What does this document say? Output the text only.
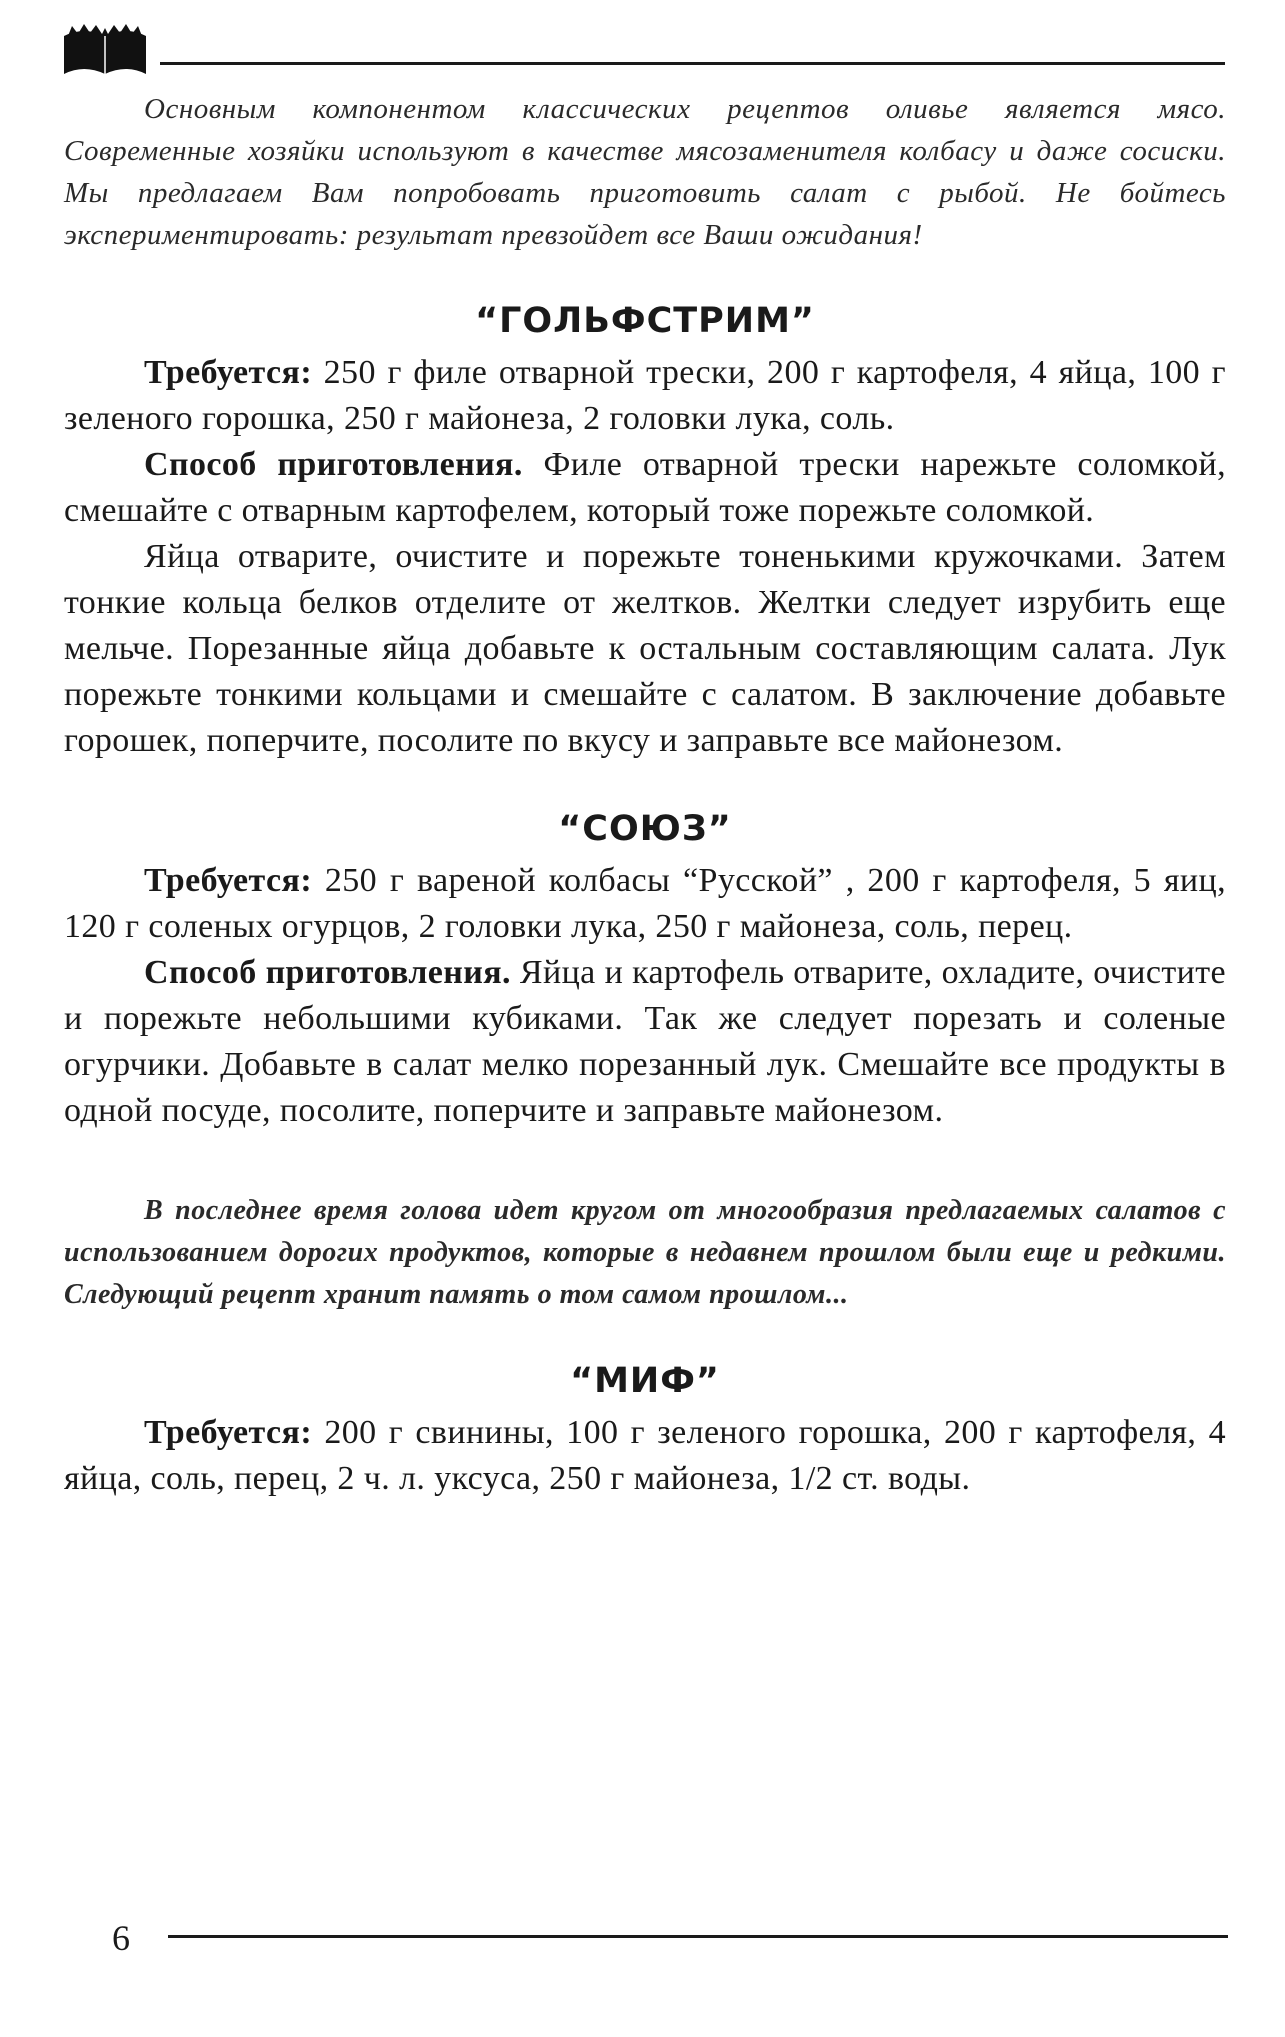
Основным компонентом классических рецептов оливье является мясо. Современные хозяйки используют в качестве мясозаменителя колбасу и даже сосиски. Мы предлагаем Вам попробовать приготовить салат с рыбой. Не бойтесь экспериментировать: результат превзойдет все Ваши ожидания!

“ГОЛЬФСТРИМ”

Требуется: 250 г филе отварной трески, 200 г картофеля, 4 яйца, 100 г зеленого горошка, 250 г майонеза, 2 головки лука, соль.

Способ приготовления. Филе отварной трески нарежьте соломкой, смешайте с отварным картофелем, который тоже порежьте соломкой.

Яйца отварите, очистите и порежьте тоненькими кружочками. Затем тонкие кольца белков отделите от желтков. Желтки следует изрубить еще мельче. Порезанные яйца добавьте к остальным составляющим салата. Лук порежьте тонкими кольцами и смешайте с салатом. В заключение добавьте горошек, поперчите, посолите по вкусу и заправьте все майонезом.

“СОЮЗ”

Требуется: 250 г вареной колбасы “Русской” , 200 г картофеля, 5 яиц, 120 г соленых огурцов, 2 головки лука, 250 г майонеза, соль, перец.

Способ приготовления. Яйца и картофель отварите, охладите, очистите и порежьте небольшими кубиками. Так же следует порезать и соленые огурчики. Добавьте в салат мелко порезанный лук. Смешайте все продукты в одной посуде, посолите, поперчите и заправьте майонезом.

В последнее время голова идет кругом от многообразия предлагаемых салатов с использованием дорогих продуктов, которые в недавнем прошлом были еще и редкими. Следующий рецепт хранит память о том самом прошлом...

“МИФ”

Требуется: 200 г свинины, 100 г зеленого горошка, 200 г картофеля, 4 яйца, соль, перец, 2 ч. л. уксуса, 250 г майонеза, 1/2 ст. воды.

6
